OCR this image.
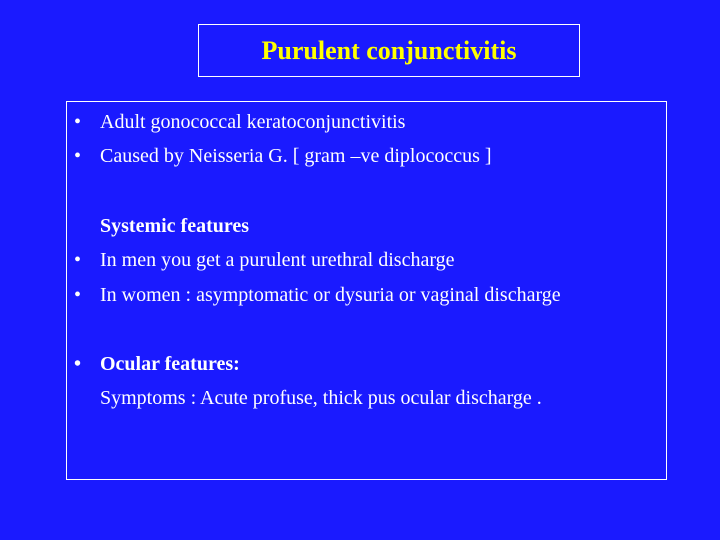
Purulent conjunctivitis
• Adult gonococcal keratoconjunctivitis
• Caused by Neisseria G. [ gram –ve diplococcus ]
Systemic features
• In men you get a purulent urethral discharge
• In women : asymptomatic or dysuria or vaginal discharge
• Ocular features:
Symptoms : Acute profuse, thick pus ocular discharge .
